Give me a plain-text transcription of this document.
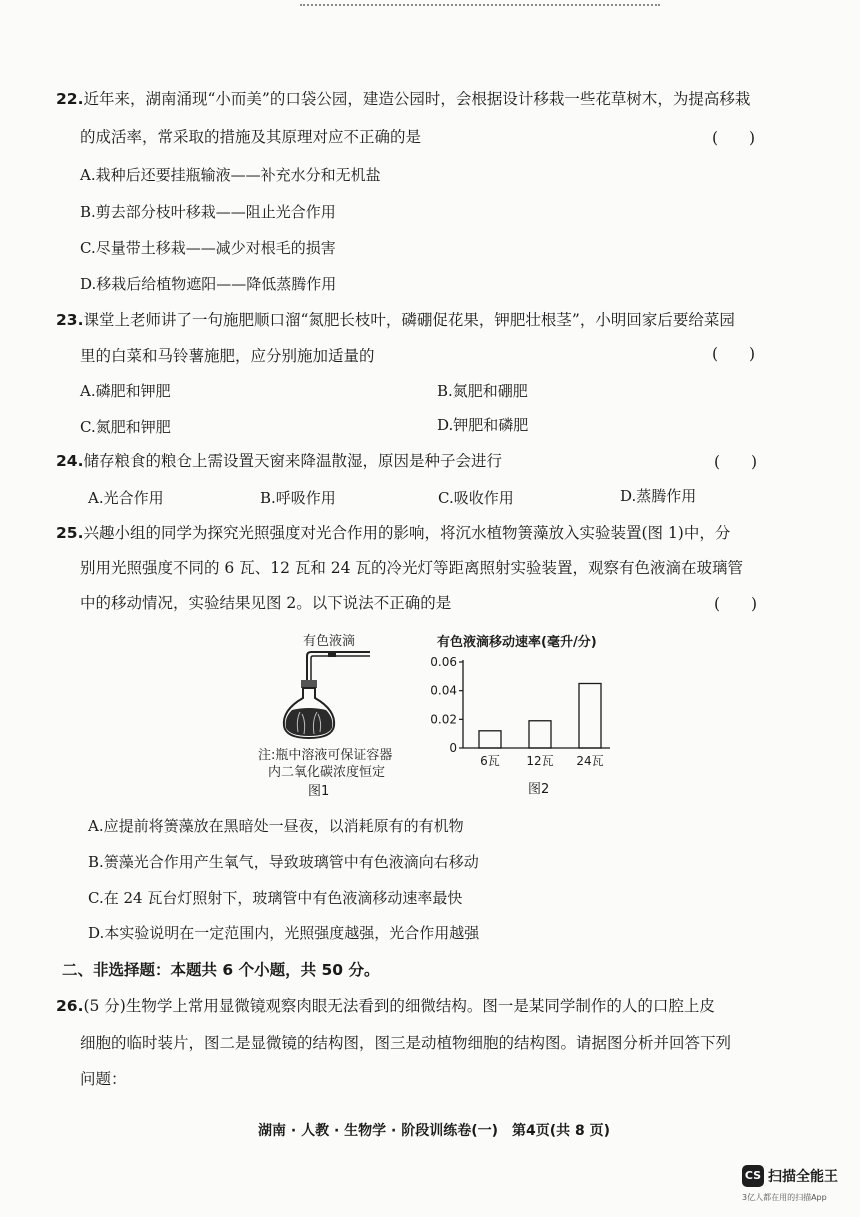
22.近年来，湖南涌现“小而美”的口袋公园，建造公园时，会根据设计移栽一些花草树木，为提高移栽
的成活率，常采取的措施及其原理对应不正确的是	(　　)
A.栽种后还要挂瓶输液——补充水分和无机盐
B.剪去部分枝叶移栽——阻止光合作用
C.尽量带土移栽——减少对根毛的损害
D.移栽后给植物遮阳——降低蒸腾作用
23.课堂上老师讲了一句施肥顺口溜“氮肥长枝叶，磷硼促花果，钾肥壮根茎”，小明回家后要给菜园
里的白菜和马铃薯施肥，应分别施加适量的	(　　)
A.磷肥和钾肥	B.氮肥和硼肥
C.氮肥和钾肥	D.钾肥和磷肥
24.储存粮食的粮仓上需设置天窗来降温散湿，原因是种子会进行	(　　)
A.光合作用	B.呼吸作用	C.吸收作用	D.蒸腾作用
25.兴趣小组的同学为探究光照强度对光合作用的影响，将沉水植物箦藻放入实验装置(图 1)中，分
别用光照强度不同的 6 瓦、12 瓦和 24 瓦的冷光灯等距离照射实验装置，观察有色液滴在玻璃管
中的移动情况，实验结果见图 2。以下说法不正确的是	(　　)
有色液滴
注:瓶中溶液可保证容器
内二氧化碳浓度恒定
图1
有色液滴移动速率(毫升/分)
0
0.02
0.04
0.06
6瓦 12瓦 24瓦
图2
A.应提前将箦藻放在黑暗处一昼夜，以消耗原有的有机物
B.箦藻光合作用产生氧气，导致玻璃管中有色液滴向右移动
C.在 24 瓦台灯照射下，玻璃管中有色液滴移动速率最快
D.本实验说明在一定范围内，光照强度越强，光合作用越强
二、非选择题：本题共 6 个小题，共 50 分。
26.(5 分)生物学上常用显微镜观察肉眼无法看到的细微结构。图一是某同学制作的人的口腔上皮
细胞的临时装片，图二是显微镜的结构图，图三是动植物细胞的结构图。请据图分析并回答下列
问题：
湖南 · 人教 · 生物学 · 阶段训练卷(一)　第4页(共 8 页)
CS 扫描全能王
3亿人都在用的扫描App
